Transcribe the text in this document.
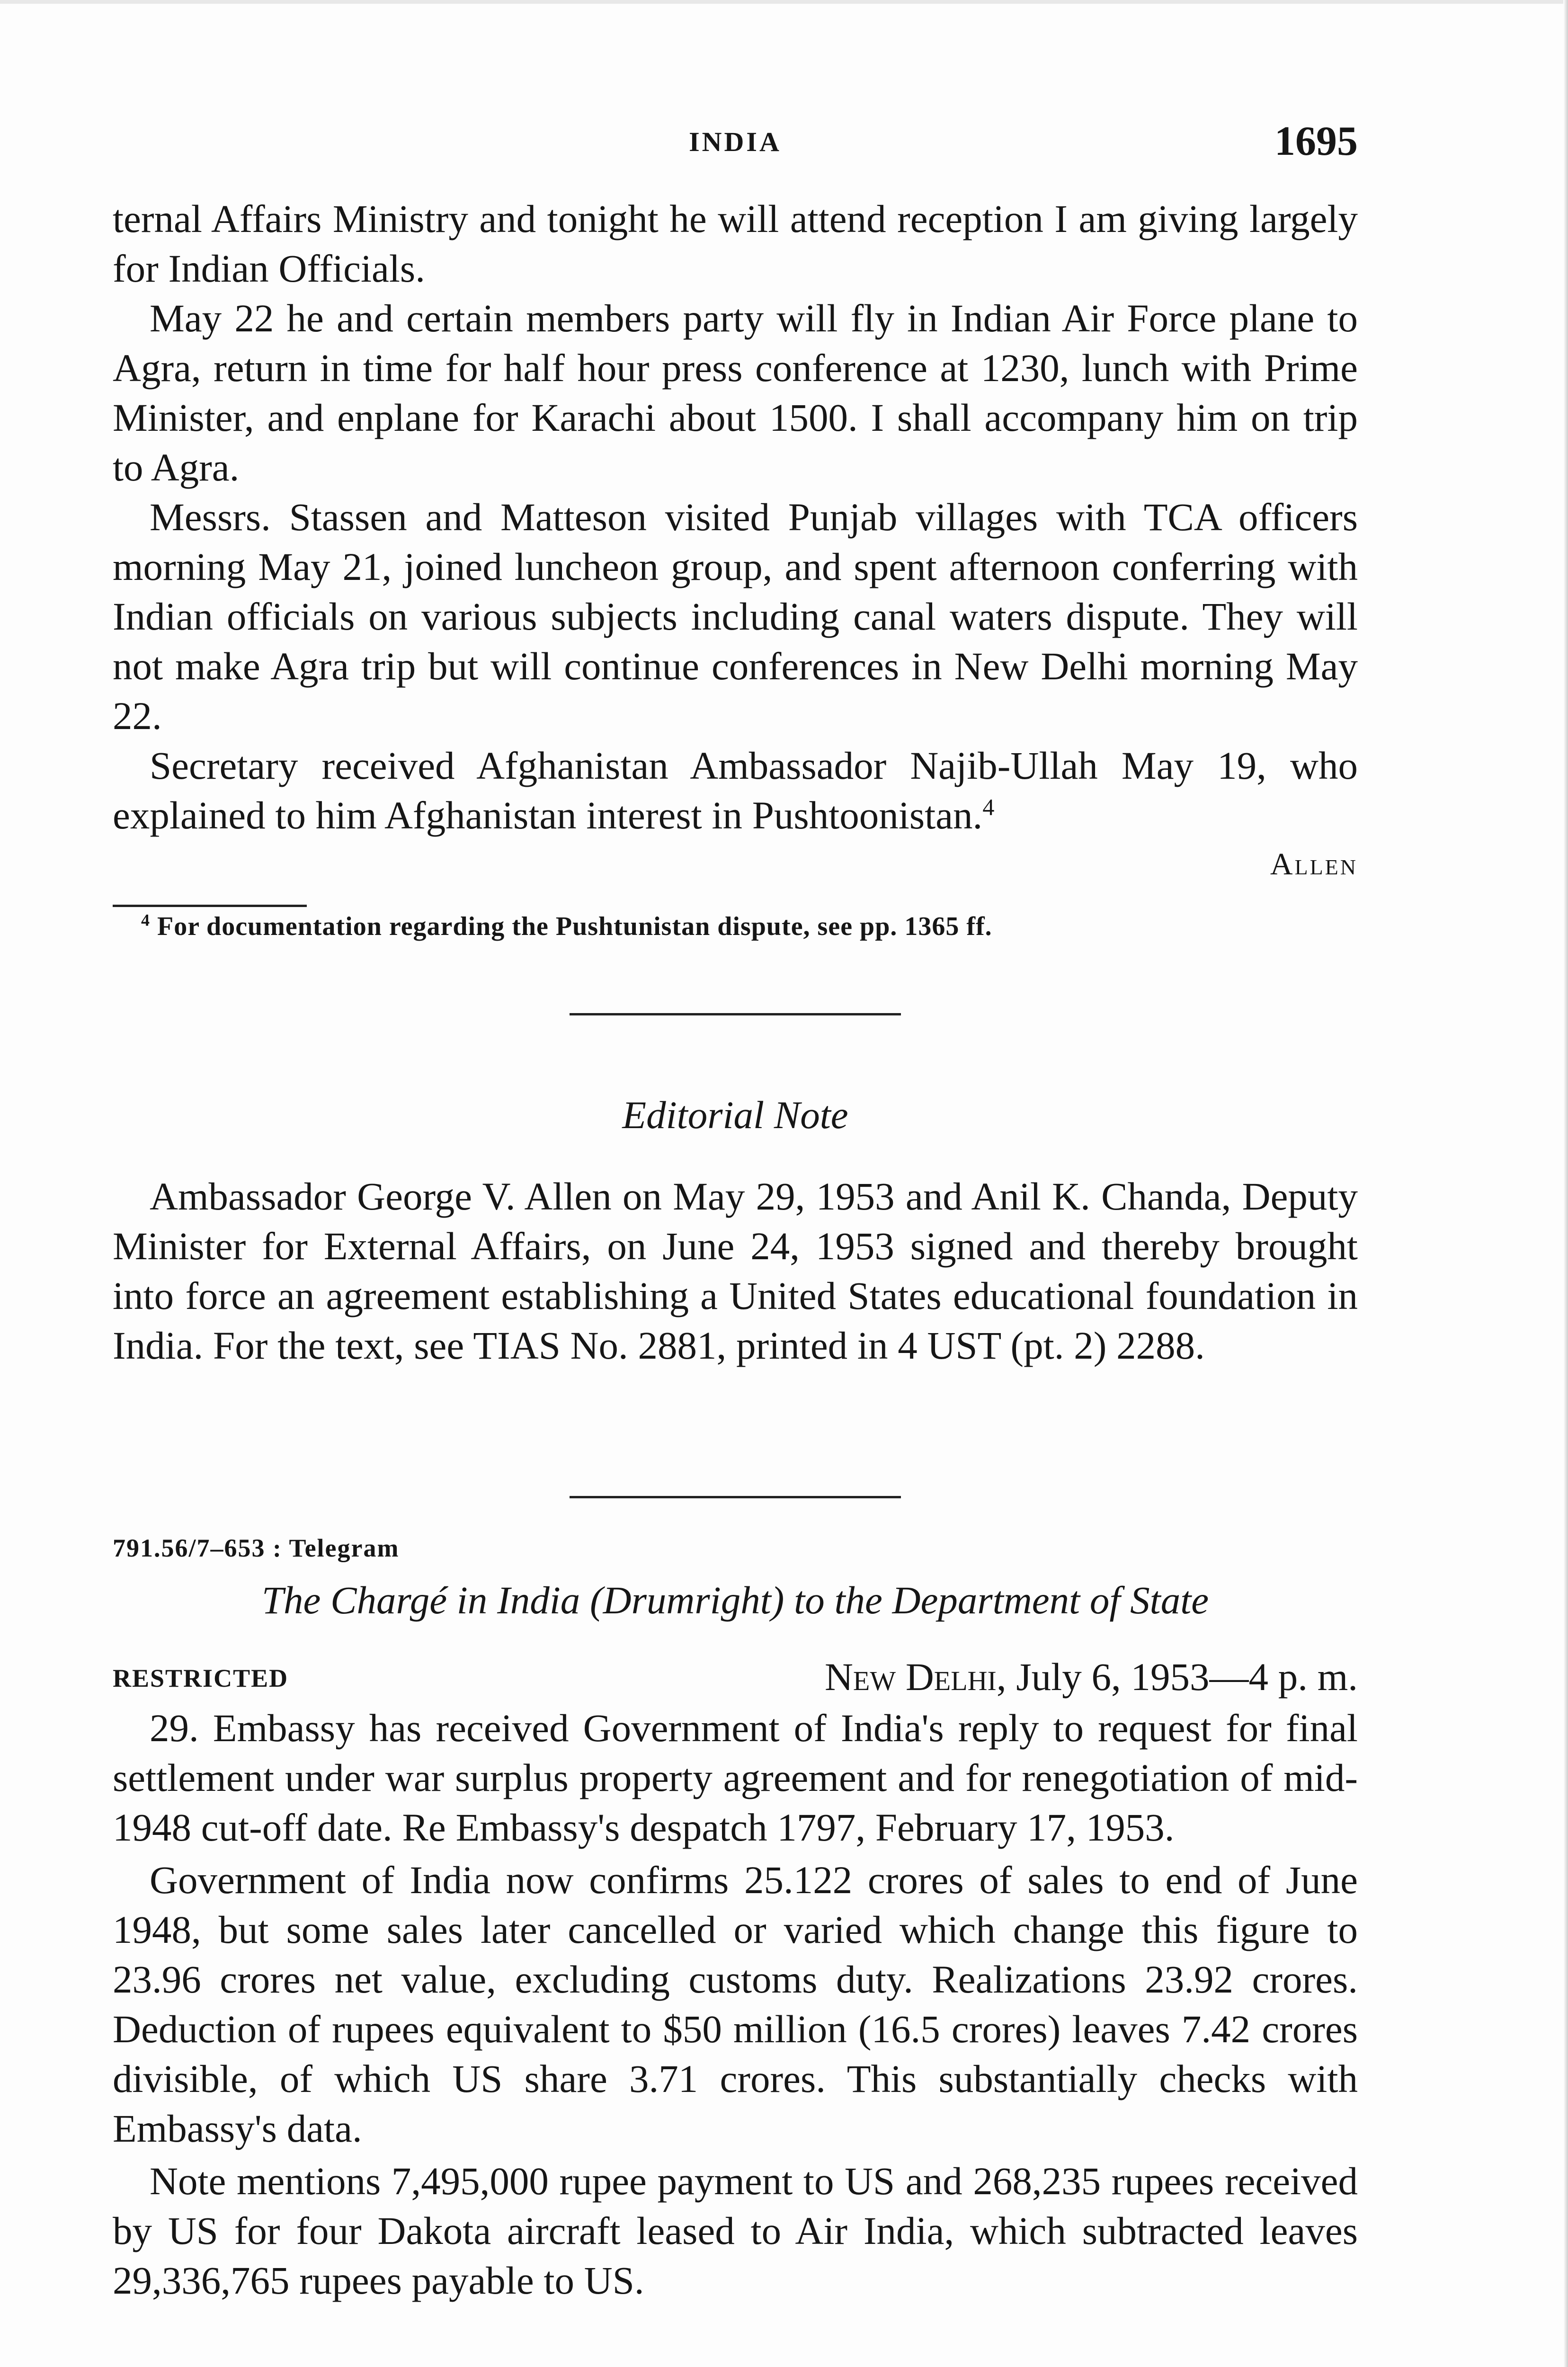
INDIA	1695

ternal Affairs Ministry and tonight he will attend reception I am giving largely for Indian Officials.

May 22 he and certain members party will fly in Indian Air Force plane to Agra, return in time for half hour press conference at 1230, lunch with Prime Minister, and enplane for Karachi about 1500. I shall accompany him on trip to Agra.

Messrs. Stassen and Matteson visited Punjab villages with TCA officers morning May 21, joined luncheon group, and spent afternoon conferring with Indian officials on various subjects including canal waters dispute. They will not make Agra trip but will continue conferences in New Delhi morning May 22.

Secretary received Afghanistan Ambassador Najib-Ullah May 19, who explained to him Afghanistan interest in Pushtoonistan.$^4$

Allen
$^4$ For documentation regarding the Pushtunistan dispute, see pp. 1365 ff.
Editorial Note

Ambassador George V. Allen on May 29, 1953 and Anil K. Chanda, Deputy Minister for External Affairs, on June 24, 1953 signed and thereby brought into force an agreement establishing a United States educational foundation in India. For the text, see TIAS No. 2881, printed in 4 UST (pt. 2) 2288.

791.56/7–653 : Telegram
The Chargé in India (Drumright) to the Department of State
RESTRICTED	New Delhi, July 6, 1953—4 p. m.

29. Embassy has received Government of India's reply to request for final settlement under war surplus property agreement and for renegotiation of mid-1948 cut-off date. Re Embassy's despatch 1797, February 17, 1953.

Government of India now confirms 25.122 crores of sales to end of June 1948, but some sales later cancelled or varied which change this figure to 23.96 crores net value, excluding customs duty. Realizations 23.92 crores. Deduction of rupees equivalent to $50 million (16.5 crores) leaves 7.42 crores divisible, of which US share 3.71 crores. This substantially checks with Embassy's data.

Note mentions 7,495,000 rupee payment to US and 268,235 rupees received by US for four Dakota aircraft leased to Air India, which subtracted leaves 29,336,765 rupees payable to US.
